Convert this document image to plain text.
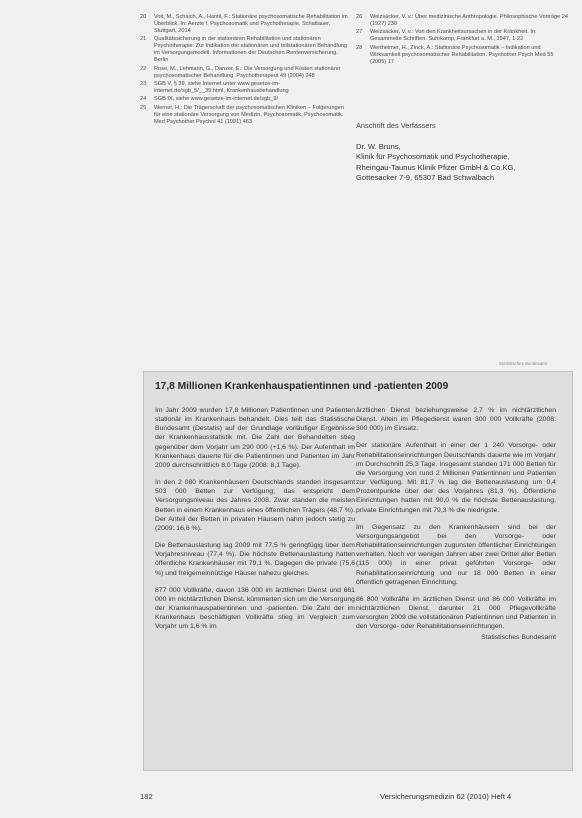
20	Voit, M., Schaich, A., Hantil, F.: Stationäre psychosomatische Rehabilitation im Überblick. In: Aerzte f. Psychosomatik und Psychotherapie. Schattauer, Stuttgart, 2014
21	Qualitätssicherung in der stationären Rehabilitation und stationären Psychotherapie: Zur Indikation der stationären und teilstationären Behandlung im Versorgungsmodell. Informationen der Deutschen Rentenversicherung. Berlin
22	Rose, M., Lehmann, G., Danzer, E.: Die Versorgung und Kosten stationärer psychosomatischer Behandlung. Psychotherapeut 49 (2004) 248
23	SGB V, § 39, siehe Internet unter www.gesetze-im-internet.de/sgb_5/__39.html, Krankenhausbehandlung
24	SGB IX, siehe www.gesetze-im-internet.de/sgb_9/
25	Werner, H.: Die Trägerschaft der psychosomatischen Kliniken – Folgerungen für eine stationäre Versorgung von Medizin, Psychosomatik, Psychosomatik. Med Psychother Psychol 41 (1991) 463
26	Weizsäcker, V. v.: Über medizinische Anthropologie. Philosophische Vorträge 24 (1927) 230
27	Weizsäcker, V. v.: Von den Krankheitsursachen in der Krankheit. In: Gesammelte Schriften. Suhrkamp, Frankfurt a. M., 1947, 1-22
28	Wertheimer, H., Zinck, A.: Stationäre Psychosomatik – Indikation und Wirksamkeit psychosomatischer Rehabilitation. Psychother Psych Med 55 (2005) 17
Anschrift des Verfassers
Dr. W. Bruns,
Klinik für Psychosomatik und Psychotherapie,
Rheingau-Taunus Klinik Pfizer GmbH & Co.KG,
Gottesacker 7-9, 65307 Bad Schwalbach
Statistisches Bundesamt
17,8 Millionen Krankenhauspatientinnen und -patienten 2009

Im Jahr 2009 wurden 17,8 Millionen Patientinnen und Patienten stationär im Krankenhaus behandelt. Dies teilt das Statistische Bundesamt (Destatis) auf der Grundlage vorläufiger Ergebnisse der Krankenhausstatistik mit. Die Zahl der Behandelten stieg gegenüber dem Vorjahr um 290 000 (+1,6 %). Der Aufenthalt im Krankenhaus dauerte für die Patientinnen und Patienten im Jahr 2009 durchschnittlich 8,0 Tage (2008: 8,1 Tage).

In den 2 080 Krankenhäusern Deutschlands standen insgesamt 503 000 Betten zur Verfügung; das entspricht dem Versorgungsniveau des Jahres 2008. Zwar standen die meisten Betten in einem Krankenhaus eines öffentlichen Trägers (48,7 %). Der Anteil der Betten in privaten Häusern nahm jedoch stetig zu (2009: 16,6 %).

Die Bettenauslastung lag 2009 mit 77,5 % geringfügig über dem Vorjahresniveau (77,4 %). Die höchste Bettenauslastung hatten öffentliche Krankenhäuser mit 79,1 %. Dagegen die private (75,6 %) und freigemeinnützige Häuser nahezu gleiches.

877 000 Vollkräfte, davon 136 000 im ärztlichen Dienst und 661 000 im nichtärztlichen Dienst, kümmerten sich um die Versorgung der Krankenhauspatientinnen und -patienten. Die Zahl der im Krankenhaus beschäftigten Vollkräfte stieg im Vergleich zum Vorjahr um 1,6 % im

ärztlichen Dienst beziehungsweise 2,7 % im nichtärztlichen Dienst. Allein im Pflegedienst waren 300 000 Vollkräfte (2008: 300 000) im Einsatz.

Der stationäre Aufenthalt in einer der 1 240 Vorsorge- oder Rehabilitationseinrichtungen Deutschlands dauerte wie im Vorjahr im Durchschnitt 25,3 Tage. Insgesamt standen 171 000 Betten für die Versorgung von rund 2 Millionen Patientinnen und Patienten zur Verfügung. Mit 81,7 % lag die Bettenauslastung um 0,4 Prozentpunkte über der des Vorjahres (81,3 %). Öffentliche Einrichtungen hatten mit 90,0 % die höchste Bettenauslastung, private Einrichtungen mit 79,3 % die niedrigste.

Im Gegensatz zu den Krankenhäusern sind bei der Versorgungsangebot bei den Vorsorge- oder Rehabilitationseinrichtungen zugunsten öffentlicher Einrichtungen verhalten. Noch vor wenigen Jahren aber zwei Drittel aller Betten (115 000) in einer privat geführten Vorsorge- oder Rehabilitationseinrichtung und nur 18 000 Betten in einer öffentlich getragenen Einrichtung.

86 800 Vollkräfte im ärztlichen Dienst und 86 000 Vollkräfte im nichtärztlichen Dienst, darunter 21 000 Pflegevollkräfte versorgten 2009 die vollstationären Patientinnen und Patienten in den Vorsorge- oder Rehabilitationseinrichtungen.

Statistisches Bundesamt
182	Versicherungsmedizin 62 (2010) Heft 4
